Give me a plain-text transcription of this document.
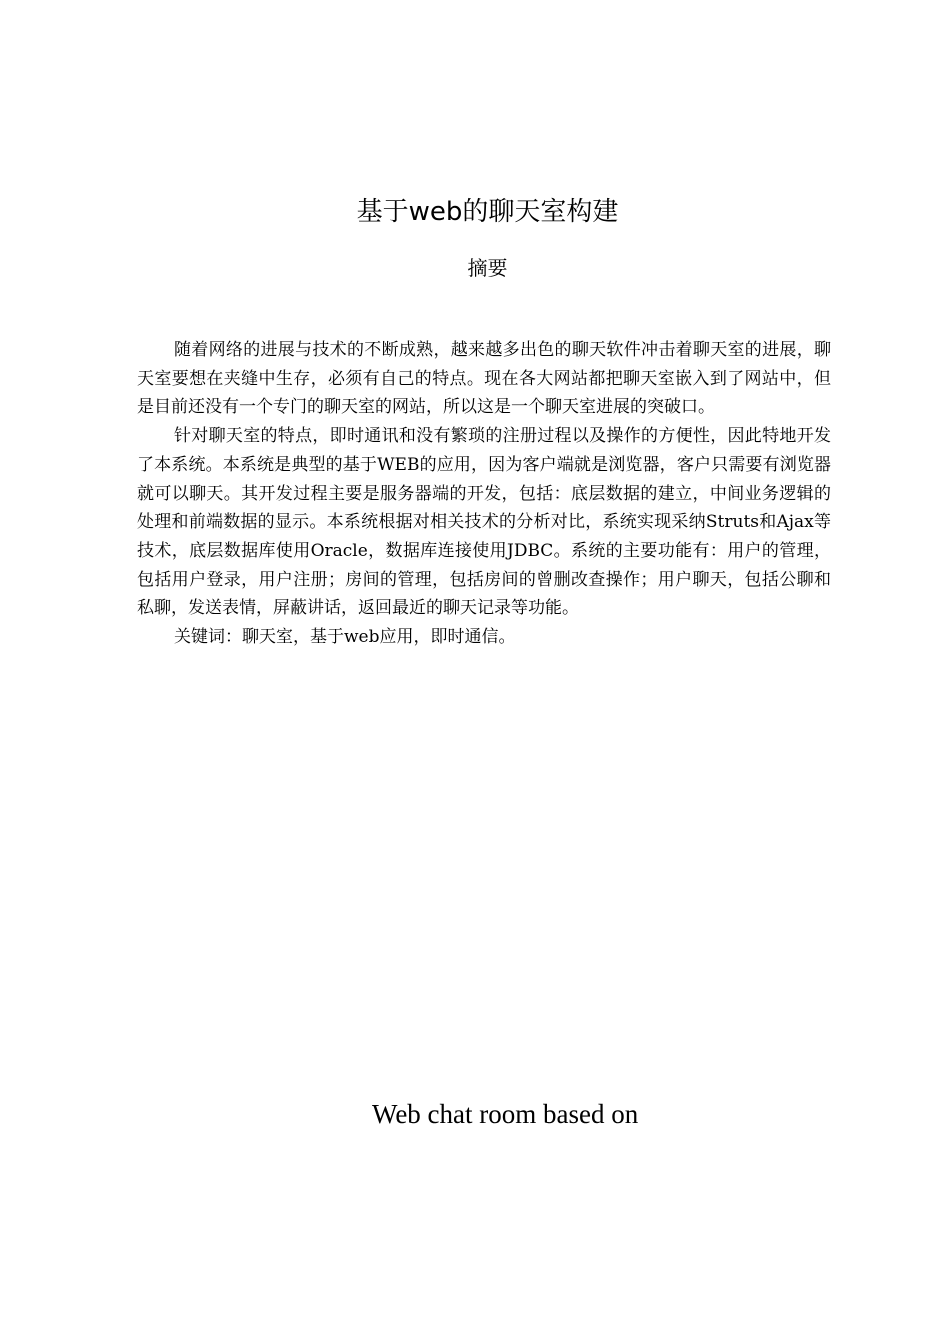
基于web的聊天室构建
摘要

随着网络的进展与技术的不断成熟，越来越多出色的聊天软件冲击着聊天室的进展，聊天室要想在夹缝中生存，必须有自己的特点。现在各大网站都把聊天室嵌入到了网站中，但是目前还没有一个专门的聊天室的网站，所以这是一个聊天室进展的突破口。

针对聊天室的特点，即时通讯和没有繁琐的注册过程以及操作的方便性，因此特地开发了本系统。本系统是典型的基于WEB的应用，因为客户端就是浏览器，客户只需要有浏览器就可以聊天。其开发过程主要是服务器端的开发，包括：底层数据的建立，中间业务逻辑的处理和前端数据的显示。本系统根据对相关技术的分析对比，系统实现采纳Struts和Ajax等技术，底层数据库使用Oracle，数据库连接使用JDBC。系统的主要功能有：用户的管理，包括用户登录，用户注册；房间的管理，包括房间的曾删改查操作；用户聊天，包括公聊和私聊，发送表情，屏蔽讲话，返回最近的聊天记录等功能。

关键词：聊天室，基于web应用，即时通信。

Web chat room based on
